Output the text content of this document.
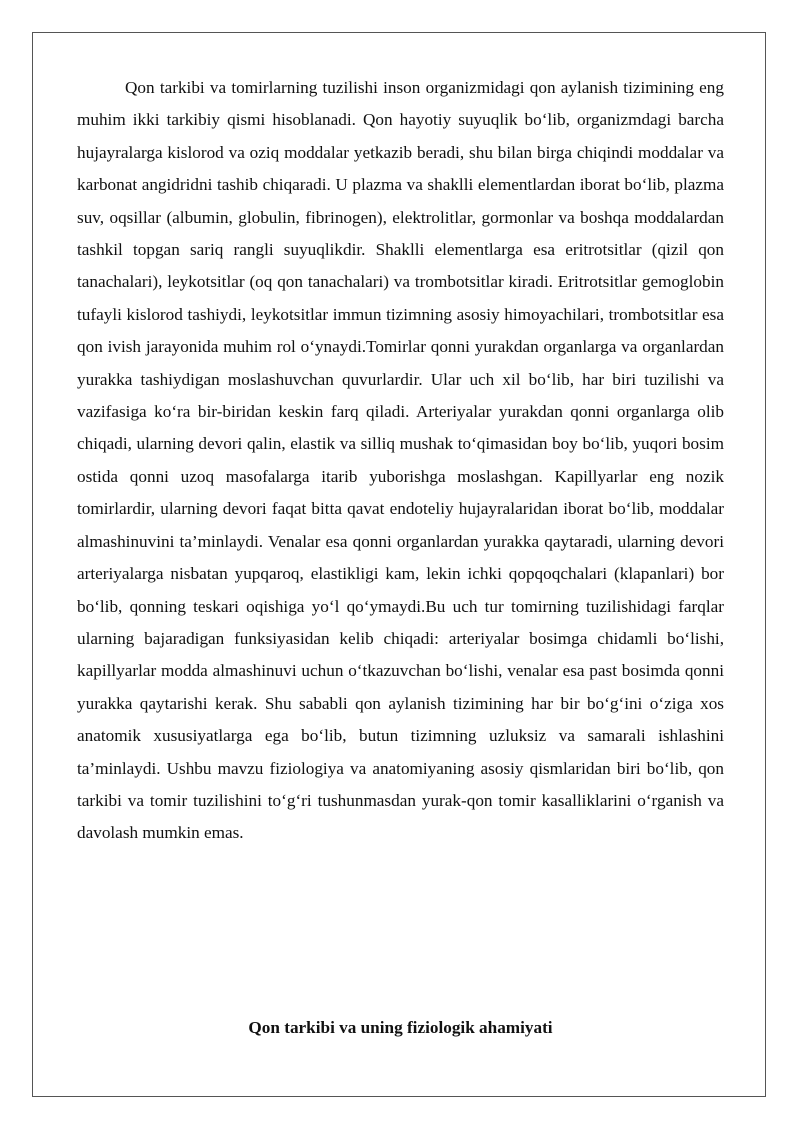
Qon tarkibi va tomirlarning tuzilishi inson organizmidagi qon aylanish tizimining eng muhim ikki tarkibiy qismi hisoblanadi. Qon hayotiy suyuqlik bo‘lib, organizmdagi barcha hujayralarga kislorod va oziq moddalar yetkazib beradi, shu bilan birga chiqindi moddalar va karbonat angidridni tashib chiqaradi. U plazma va shaklli elementlardan iborat bo‘lib, plazma suv, oqsillar (albumin, globulin, fibrinogen), elektrolitlar, gormonlar va boshqa moddalardan tashkil topgan sariq rangli suyuqlikdir. Shaklli elementlarga esa eritrotsitlar (qizil qon tanachalari), leykotsitlar (oq qon tanachalari) va trombotsitlar kiradi. Eritrotsitlar gemoglobin tufayli kislorod tashiydi, leykotsitlar immun tizimning asosiy himoyachilari, trombotsitlar esa qon ivish jarayonida muhim rol o‘ynaydi.Tomirlar qonni yurakdan organlarga va organlardan yurakka tashiydigan moslashuvchan quvurlardir. Ular uch xil bo‘lib, har biri tuzilishi va vazifasiga ko‘ra bir-biridan keskin farq qiladi. Arteriyalar yurakdan qonni organlarga olib chiqadi, ularning devori qalin, elastik va silliq mushak to‘qimasidan boy bo‘lib, yuqori bosim ostida qonni uzoq masofalarga itarib yuborishga moslashgan. Kapillyarlar eng nozik tomirlardir, ularning devori faqat bitta qavat endoteliy hujayralaridan iborat bo‘lib, moddalar almashinuvini ta’minlaydi. Venalar esa qonni organlardan yurakka qaytaradi, ularning devori arteriyalarga nisbatan yupqaroq, elastikligi kam, lekin ichki qopqoqchalari (klapanlari) bor bo‘lib, qonning teskari oqishiga yo‘l qo‘ymaydi.Bu uch tur tomirning tuzilishidagi farqlar ularning bajaradigan funksiyasidan kelib chiqadi: arteriyalar bosimga chidamli bo‘lishi, kapillyarlar modda almashinuvi uchun o‘tkazuvchan bo‘lishi, venalar esa past bosimda qonni yurakka qaytarishi kerak. Shu sababli qon aylanish tizimining har bir bo‘g‘ini o‘ziga xos anatomik xususiyatlarga ega bo‘lib, butun tizimning uzluksiz va samarali ishlashini ta’minlaydi. Ushbu mavzu fiziologiya va anatomiyaning asosiy qismlaridan biri bo‘lib, qon tarkibi va tomir tuzilishini to‘g‘ri tushunmasdan yurak-qon tomir kasalliklarini o‘rganish va davolash mumkin emas.

Qon tarkibi va uning fiziologik ahamiyati
